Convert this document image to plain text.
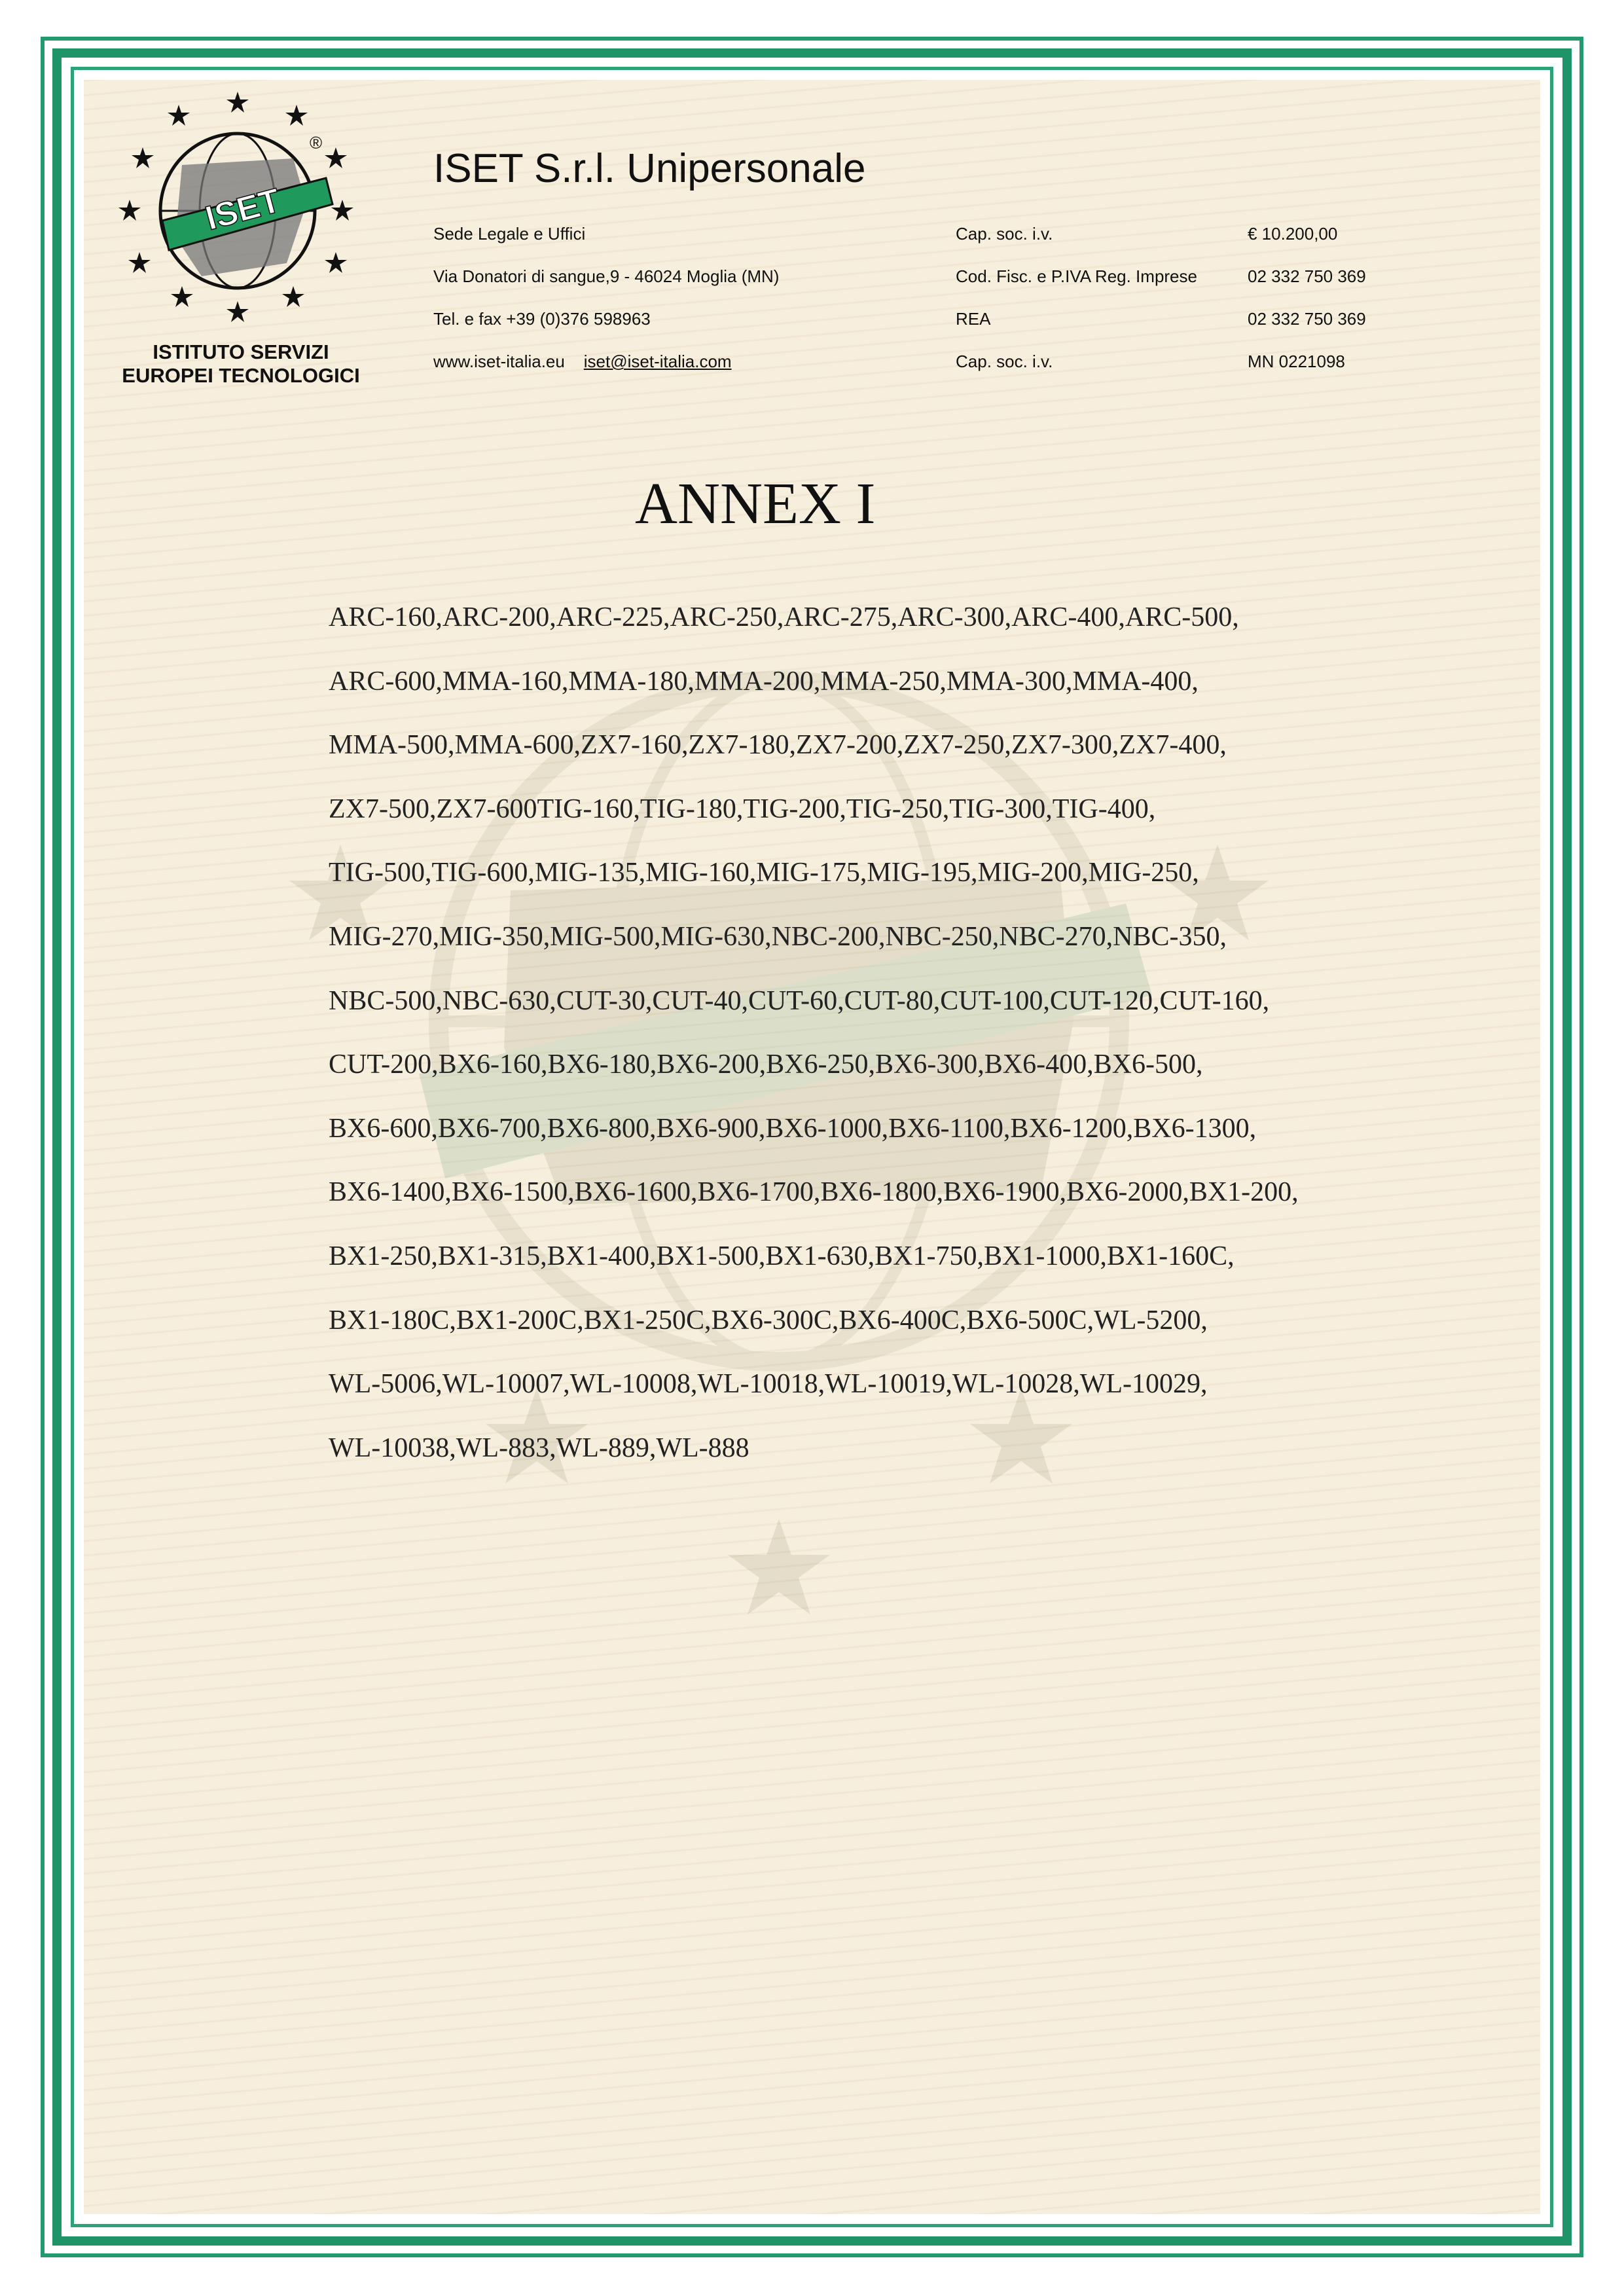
ISET
®
ISTITUTO SERVIZI
EUROPEI TECNOLOGICI
ISET S.r.l. Unipersonale
Sede Legale e Uffici	Cap. soc. i.v.	€ 10.200,00
Via Donatori di sangue,9 - 46024 Moglia (MN)	Cod. Fisc. e P.IVA Reg. Imprese	02 332 750 369
Tel. e fax +39 (0)376 598963	REA	02 332 750 369
www.iset-italia.eu iset@iset-italia.com	Cap. soc. i.v.	MN 0221098
ANNEX I
ARC-160,ARC-200,ARC-225,ARC-250,ARC-275,ARC-300,ARC-400,ARC-500,
ARC-600,MMA-160,MMA-180,MMA-200,MMA-250,MMA-300,MMA-400,
MMA-500,MMA-600,ZX7-160,ZX7-180,ZX7-200,ZX7-250,ZX7-300,ZX7-400,
ZX7-500,ZX7-600TIG-160,TIG-180,TIG-200,TIG-250,TIG-300,TIG-400,
TIG-500,TIG-600,MIG-135,MIG-160,MIG-175,MIG-195,MIG-200,MIG-250,
MIG-270,MIG-350,MIG-500,MIG-630,NBC-200,NBC-250,NBC-270,NBC-350,
NBC-500,NBC-630,CUT-30,CUT-40,CUT-60,CUT-80,CUT-100,CUT-120,CUT-160,
CUT-200,BX6-160,BX6-180,BX6-200,BX6-250,BX6-300,BX6-400,BX6-500,
BX6-600,BX6-700,BX6-800,BX6-900,BX6-1000,BX6-1100,BX6-1200,BX6-1300,
BX6-1400,BX6-1500,BX6-1600,BX6-1700,BX6-1800,BX6-1900,BX6-2000,BX1-200,
BX1-250,BX1-315,BX1-400,BX1-500,BX1-630,BX1-750,BX1-1000,BX1-160C,
BX1-180C,BX1-200C,BX1-250C,BX6-300C,BX6-400C,BX6-500C,WL-5200,
WL-5006,WL-10007,WL-10008,WL-10018,WL-10019,WL-10028,WL-10029,
WL-10038,WL-883,WL-889,WL-888
